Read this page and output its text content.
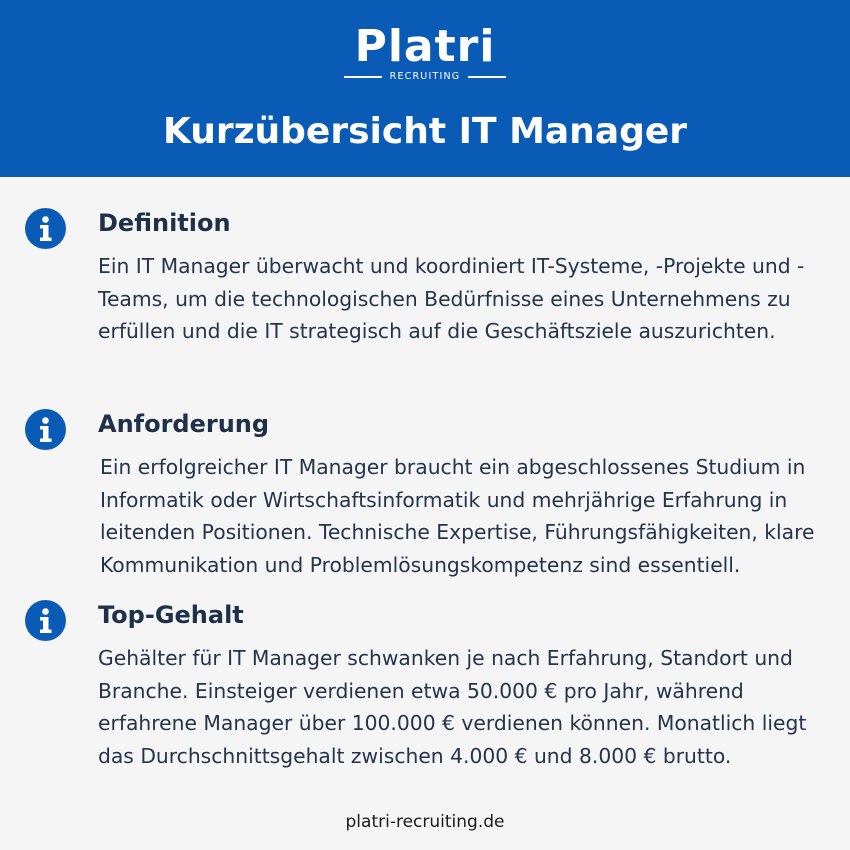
Platri
RECRUITING
Kurzübersicht IT Manager
Definition
Ein IT Manager überwacht und koordiniert IT-Systeme, -Projekte und -Teams, um die technologischen Bedürfnisse eines Unternehmens zu erfüllen und die IT strategisch auf die Geschäftsziele auszurichten.
Anforderung
Ein erfolgreicher IT Manager braucht ein abgeschlossenes Studium in Informatik oder Wirtschaftsinformatik und mehrjährige Erfahrung in leitenden Positionen. Technische Expertise, Führungsfähigkeiten, klare Kommunikation und Problemlösungskompetenz sind essentiell.
Top-Gehalt
Gehälter für IT Manager schwanken je nach Erfahrung, Standort und Branche. Einsteiger verdienen etwa 50.000 € pro Jahr, während erfahrene Manager über 100.000 € verdienen können. Monatlich liegt das Durchschnittsgehalt zwischen 4.000 € und 8.000 € brutto.
platri-recruiting.de
